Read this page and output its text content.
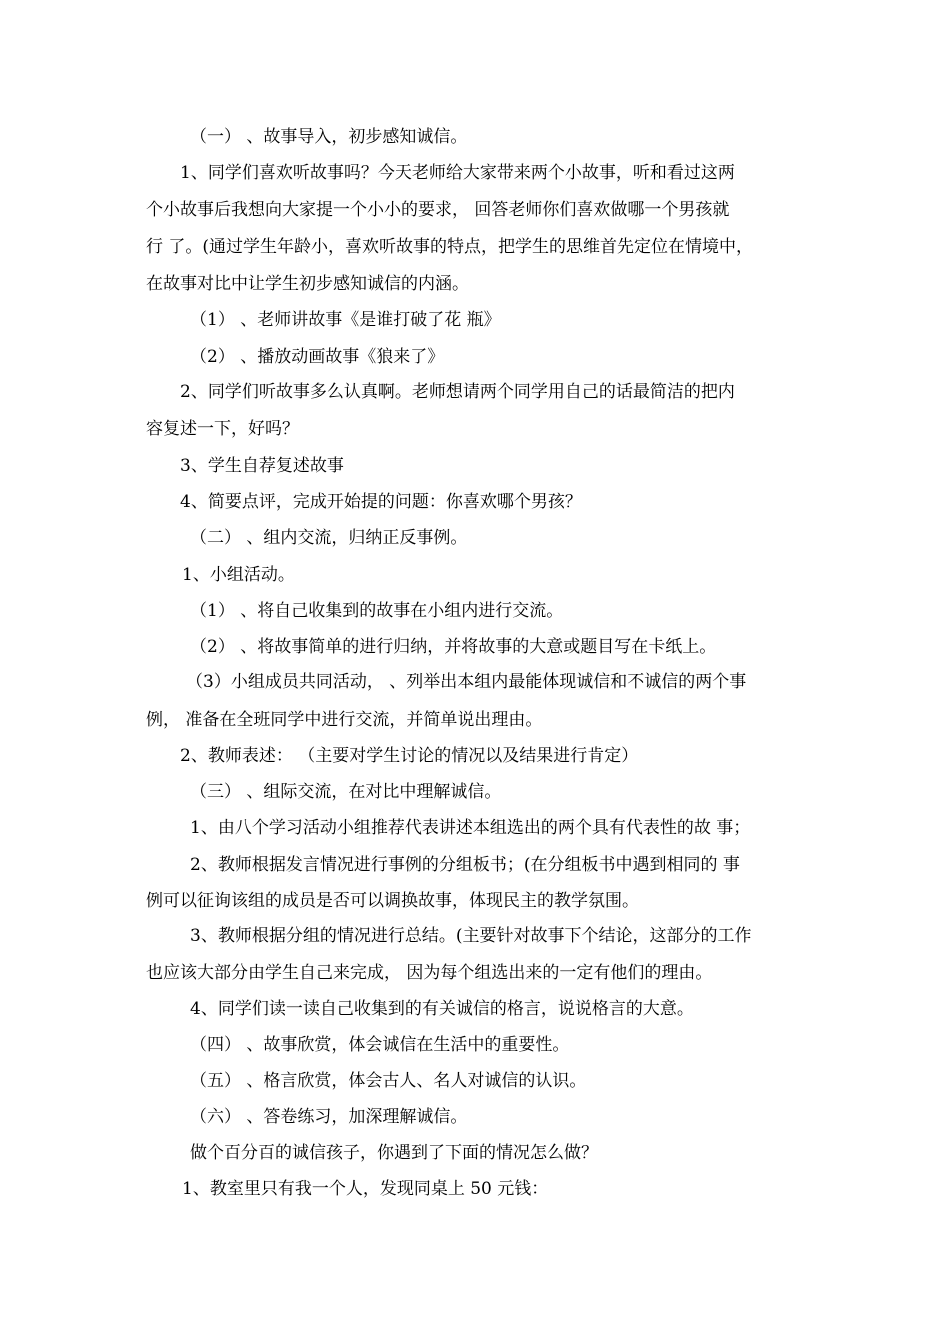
（一） 、故事导入，初步感知诚信。
1、同学们喜欢听故事吗？今天老师给大家带来两个小故事，听和看过这两
个小故事后我想向大家提一个小小的要求， 回答老师你们喜欢做哪一个男孩就
行 了。(通过学生年龄小，喜欢听故事的特点，把学生的思维首先定位在情境中，
在故事对比中让学生初步感知诚信的内涵。
（1） 、老师讲故事《是谁打破了花 瓶》
（2） 、播放动画故事《狼来了》
2、同学们听故事多么认真啊。老师想请两个同学用自己的话最简洁的把内
容复述一下，好吗？
3、学生自荐复述故事
4、简要点评，完成开始提的问题：你喜欢哪个男孩？
（二） 、组内交流，归纳正反事例。
1、小组活动。
（1） 、将自己收集到的故事在小组内进行交流。
（2） 、将故事简单的进行归纳，并将故事的大意或题目写在卡纸上。
（3）小组成员共同活动， 、列举出本组内最能体现诚信和不诚信的两个事
例， 准备在全班同学中进行交流，并简单说出理由。
2、教师表述： （主要对学生讨论的情况以及结果进行肯定）
（三） 、组际交流，在对比中理解诚信。
1、由八个学习活动小组推荐代表讲述本组选出的两个具有代表性的故 事；
2、教师根据发言情况进行事例的分组板书；(在分组板书中遇到相同的 事
例可以征询该组的成员是否可以调换故事，体现民主的教学氛围。
3、教师根据分组的情况进行总结。(主要针对故事下个结论，这部分的工作
也应该大部分由学生自己来完成， 因为每个组选出来的一定有他们的理由。
4、同学们读一读自己收集到的有关诚信的格言，说说格言的大意。
（四） 、故事欣赏，体会诚信在生活中的重要性。
（五） 、格言欣赏，体会古人、名人对诚信的认识。
（六） 、答卷练习，加深理解诚信。
做个百分百的诚信孩子，你遇到了下面的情况怎么做？
1、教室里只有我一个人，发现同桌上 50 元钱：
